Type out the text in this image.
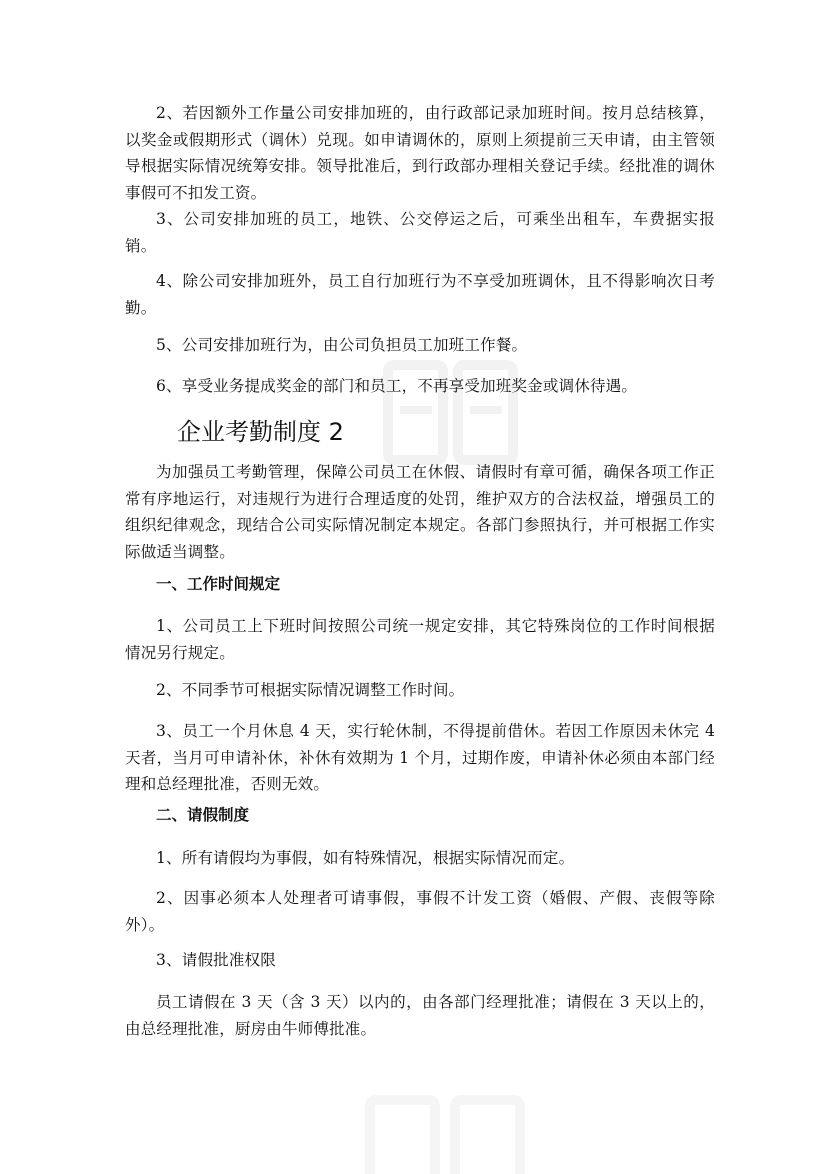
2、若因额外工作量公司安排加班的，由行政部记录加班时间。按月总结核算，以奖金或假期形式（调休）兑现。如申请调休的，原则上须提前三天申请，由主管领导根据实际情况统筹安排。领导批准后，到行政部办理相关登记手续。经批准的调休事假可不扣发工资。

3、公司安排加班的员工，地铁、公交停运之后，可乘坐出租车，车费据实报销。

4、除公司安排加班外，员工自行加班行为不享受加班调休，且不得影响次日考勤。

5、公司安排加班行为，由公司负担员工加班工作餐。

6、享受业务提成奖金的部门和员工，不再享受加班奖金或调休待遇。

企业考勤制度 2

为加强员工考勤管理，保障公司员工在休假、请假时有章可循，确保各项工作正常有序地运行，对违规行为进行合理适度的处罚，维护双方的合法权益，增强员工的组织纪律观念，现结合公司实际情况制定本规定。各部门参照执行，并可根据工作实际做适当调整。

一、工作时间规定

1、公司员工上下班时间按照公司统一规定安排，其它特殊岗位的工作时间根据情况另行规定。

2、不同季节可根据实际情况调整工作时间。

3、员工一个月休息 4 天，实行轮休制，不得提前借休。若因工作原因未休完 4 天者，当月可申请补休，补休有效期为 1 个月，过期作废，申请补休必须由本部门经理和总经理批准，否则无效。

二、请假制度

1、所有请假均为事假，如有特殊情况，根据实际情况而定。

2、因事必须本人处理者可请事假，事假不计发工资（婚假、产假、丧假等除外）。

3、请假批准权限

员工请假在 3 天（含 3 天）以内的，由各部门经理批准；请假在 3 天以上的，由总经理批准，厨房由牛师傅批准。
